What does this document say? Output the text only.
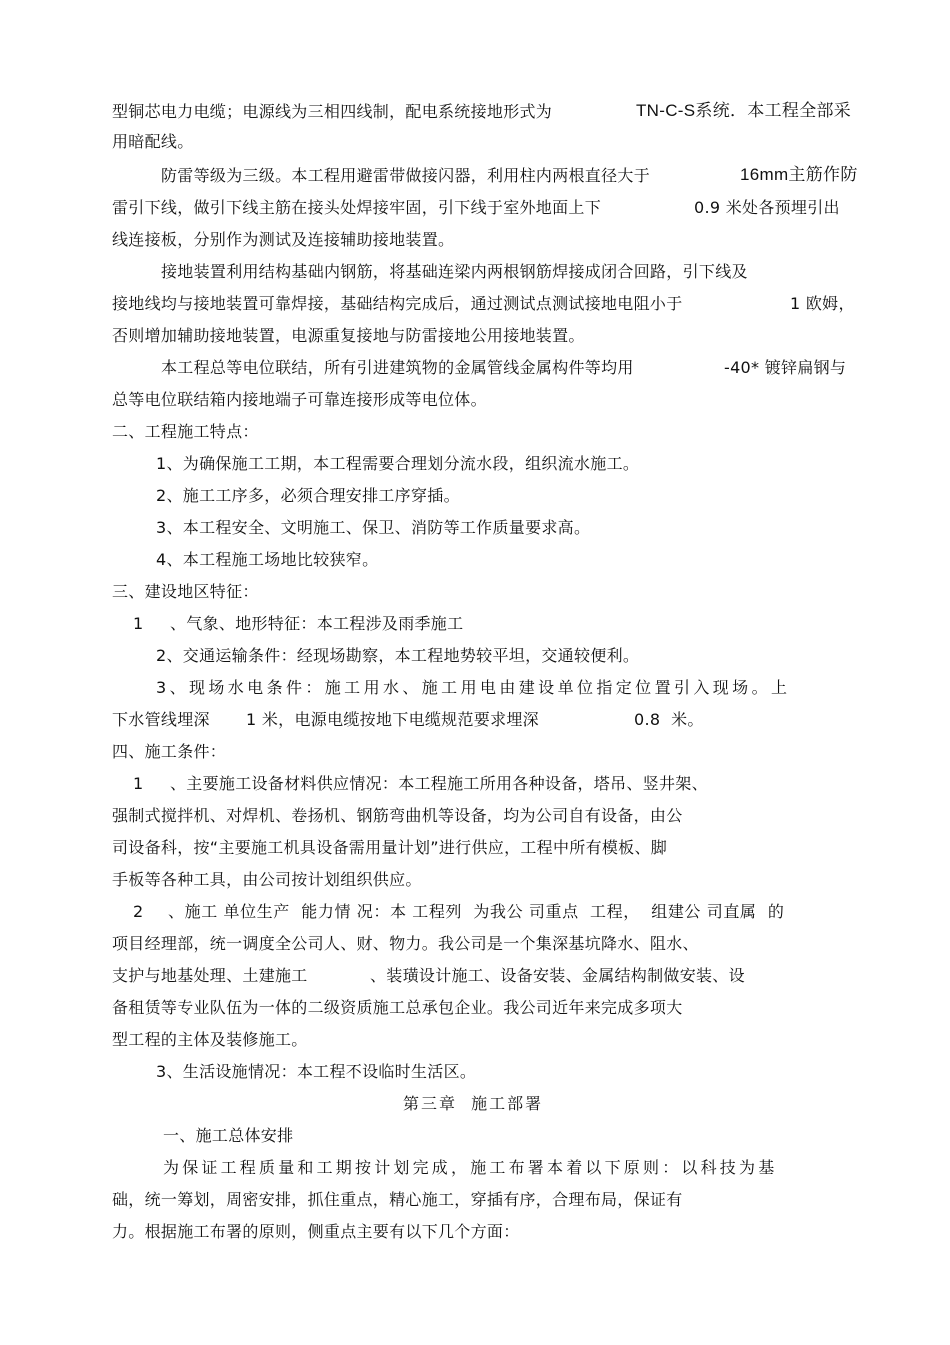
型铜芯电力电缆；电源线为三相四线制，配电系统接地形式为	TN-C-S系统．本工程全部采
用暗配线。
防雷等级为三级。本工程用避雷带做接闪器，利用柱内两根直径大于	16mm主筋作防
雷引下线，做引下线主筋在接头处焊接牢固，引下线于室外地面上下	0.9 米处各预埋引出
线连接板，分别作为测试及连接辅助接地装置。
接地装置利用结构基础内钢筋，将基础连梁内两根钢筋焊接成闭合回路，引下线及
接地线均与接地装置可靠焊接，基础结构完成后，通过测试点测试接地电阻小于	1 欧姆，
否则增加辅助接地装置，电源重复接地与防雷接地公用接地装置。
本工程总等电位联结，所有引进建筑物的金属管线金属构件等均用	-40* 镀锌扁钢与
总等电位联结箱内接地端子可靠连接形成等电位体。
二、工程施工特点：
1、为确保施工工期，本工程需要合理划分流水段，组织流水施工。
2、施工工序多，必须合理安排工序穿插。
3、本工程安全、文明施工、保卫、消防等工作质量要求高。
4、本工程施工场地比较狭窄。
三、建设地区特征：
1 、气象、地形特征：本工程涉及雨季施工
2、交通运输条件：经现场勘察，本工程地势较平坦，交通较便利。
3、现场水电条件：施工用水、施工用电由建设单位指定位置引入现场。上
下水管线埋深 1 米，电源电缆按地下电缆规范要求埋深	0.8  米。
四、施工条件：
1 、主要施工设备材料供应情况：本工程施工所用各种设备，塔吊、竖井架、
强制式搅拌机、对焊机、卷扬机、钢筋弯曲机等设备，均为公司自有设备，由公
司设备科，按“主要施工机具设备需用量计划”进行供应，工程中所有模板、脚
手板等各种工具，由公司按计划组织供应。
2 、施工 单位生产  能力情 况：本 工程列  为我公 司重点  工程，  组建公 司直属  的
项目经理部，统一调度全公司人、财、物力。我公司是一个集深基坑降水、阻水、
支护与地基处理、土建施工	、装璜设计施工、设备安装、金属结构制做安装、设
备租赁等专业队伍为一体的二级资质施工总承包企业。我公司近年来完成多项大
型工程的主体及装修施工。
3、生活设施情况：本工程不设临时生活区。
第三章  施工部署
一、施工总体安排
为保证工程质量和工期按计划完成，施工布署本着以下原则：以科技为基
础，统一筹划，周密安排，抓住重点，精心施工，穿插有序，合理布局，保证有
力。根据施工布署的原则，侧重点主要有以下几个方面：
